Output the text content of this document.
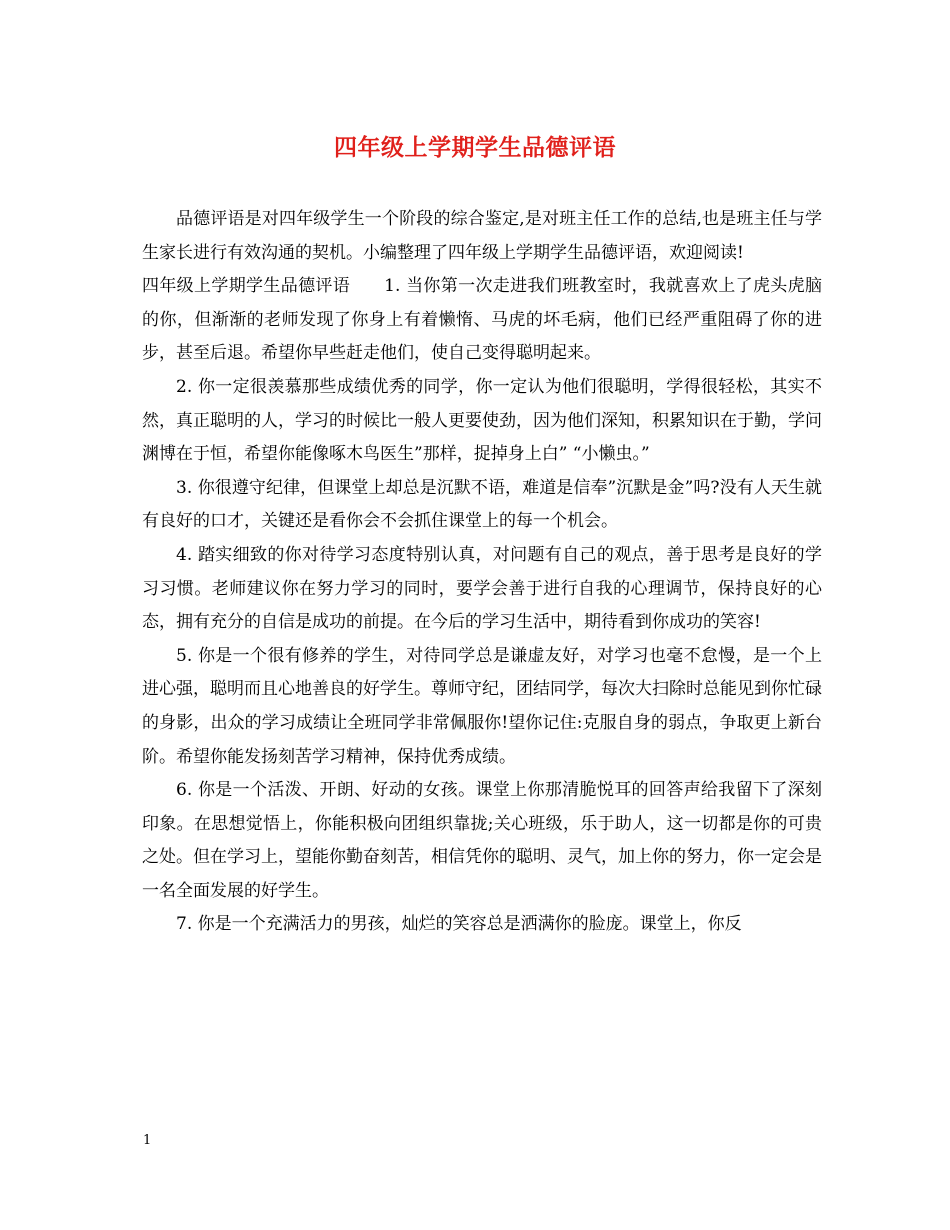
四年级上学期学生品德评语

品德评语是对四年级学生一个阶段的综合鉴定,是对班主任工作的总结,也是班主任与学生家长进行有效沟通的契机。小编整理了四年级上学期学生品德评语，欢迎阅读!

四年级上学期学生品德评语   1. 当你第一次走进我们班教室时，我就喜欢上了虎头虎脑的你，但渐渐的老师发现了你身上有着懒惰、马虎的坏毛病，他们已经严重阻碍了你的进步，甚至后退。希望你早些赶走他们，使自己变得聪明起来。

2. 你一定很羡慕那些成绩优秀的同学，你一定认为他们很聪明，学得很轻松，其实不然，真正聪明的人，学习的时候比一般人更要使劲，因为他们深知，积累知识在于勤，学问渊博在于恒，希望你能像啄木鸟医生”那样，捉掉身上白” “小懒虫。”

3. 你很遵守纪律，但课堂上却总是沉默不语，难道是信奉”沉默是金”吗?没有人天生就有良好的口才，关键还是看你会不会抓住课堂上的每一个机会。

4. 踏实细致的你对待学习态度特别认真，对问题有自己的观点，善于思考是良好的学习习惯。老师建议你在努力学习的同时，要学会善于进行自我的心理调节，保持良好的心态，拥有充分的自信是成功的前提。在今后的学习生活中，期待看到你成功的笑容!

5. 你是一个很有修养的学生，对待同学总是谦虚友好，对学习也毫不怠慢，是一个上进心强，聪明而且心地善良的好学生。尊师守纪，团结同学，每次大扫除时总能见到你忙碌的身影，出众的学习成绩让全班同学非常佩服你!望你记住:克服自身的弱点，争取更上新台阶。希望你能发扬刻苦学习精神，保持优秀成绩。

6. 你是一个活泼、开朗、好动的女孩。课堂上你那清脆悦耳的回答声给我留下了深刻印象。在思想觉悟上，你能积极向团组织靠拢;关心班级，乐于助人，这一切都是你的可贵之处。但在学习上，望能你勤奋刻苦，相信凭你的聪明、灵气，加上你的努力，你一定会是一名全面发展的好学生。

7. 你是一个充满活力的男孩，灿烂的笑容总是洒满你的脸庞。课堂上，你反

1
